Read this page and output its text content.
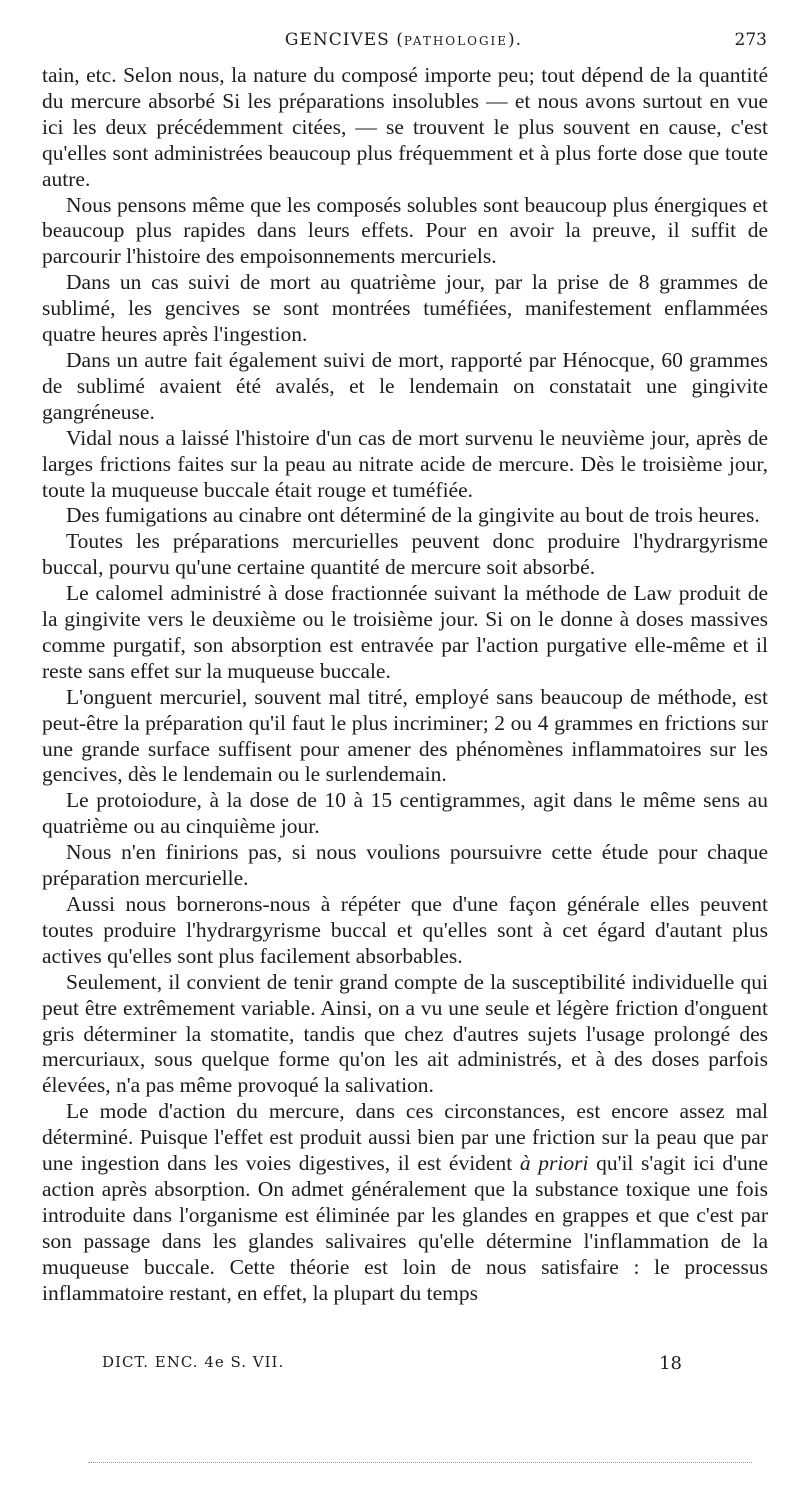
GENCIVES (PATHOLOGIE).	273

tain, etc. Selon nous, la nature du composé importe peu; tout dépend de la quantité du mercure absorbé Si les préparations insolubles — et nous avons surtout en vue ici les deux précédemment citées, — se trouvent le plus souvent en cause, c'est qu'elles sont administrées beaucoup plus fréquemment et à plus forte dose que toute autre.

Nous pensons même que les composés solubles sont beaucoup plus énergiques et beaucoup plus rapides dans leurs effets. Pour en avoir la preuve, il suffit de parcourir l'histoire des empoisonnements mercuriels.

Dans un cas suivi de mort au quatrième jour, par la prise de 8 grammes de sublimé, les gencives se sont montrées tuméfiées, manifestement enflammées quatre heures après l'ingestion.

Dans un autre fait également suivi de mort, rapporté par Hénocque, 60 grammes de sublimé avaient été avalés, et le lendemain on constatait une gingivite gangréneuse.

Vidal nous a laissé l'histoire d'un cas de mort survenu le neuvième jour, après de larges frictions faites sur la peau au nitrate acide de mercure. Dès le troisième jour, toute la muqueuse buccale était rouge et tuméfiée.

Des fumigations au cinabre ont déterminé de la gingivite au bout de trois heures.

Toutes les préparations mercurielles peuvent donc produire l'hydrargyrisme buccal, pourvu qu'une certaine quantité de mercure soit absorbé.

Le calomel administré à dose fractionnée suivant la méthode de Law produit de la gingivite vers le deuxième ou le troisième jour. Si on le donne à doses massives comme purgatif, son absorption est entravée par l'action purgative elle-même et il reste sans effet sur la muqueuse buccale.

L'onguent mercuriel, souvent mal titré, employé sans beaucoup de méthode, est peut-être la préparation qu'il faut le plus incriminer; 2 ou 4 grammes en frictions sur une grande surface suffisent pour amener des phénomènes inflammatoires sur les gencives, dès le lendemain ou le surlendemain.

Le protoiodure, à la dose de 10 à 15 centigrammes, agit dans le même sens au quatrième ou au cinquième jour.

Nous n'en finirions pas, si nous voulions poursuivre cette étude pour chaque préparation mercurielle.

Aussi nous bornerons-nous à répéter que d'une façon générale elles peuvent toutes produire l'hydrargyrisme buccal et qu'elles sont à cet égard d'autant plus actives qu'elles sont plus facilement absorbables.

Seulement, il convient de tenir grand compte de la susceptibilité individuelle qui peut être extrêmement variable. Ainsi, on a vu une seule et légère friction d'onguent gris déterminer la stomatite, tandis que chez d'autres sujets l'usage prolongé des mercuriaux, sous quelque forme qu'on les ait administrés, et à des doses parfois élevées, n'a pas même provoqué la salivation.

Le mode d'action du mercure, dans ces circonstances, est encore assez mal déterminé. Puisque l'effet est produit aussi bien par une friction sur la peau que par une ingestion dans les voies digestives, il est évident à priori qu'il s'agit ici d'une action après absorption. On admet généralement que la substance toxique une fois introduite dans l'organisme est éliminée par les glandes en grappes et que c'est par son passage dans les glandes salivaires qu'elle détermine l'inflammation de la muqueuse buccale. Cette théorie est loin de nous satisfaire : le processus inflammatoire restant, en effet, la plupart du temps

DICT. ENC. 4e S. VII.	18
